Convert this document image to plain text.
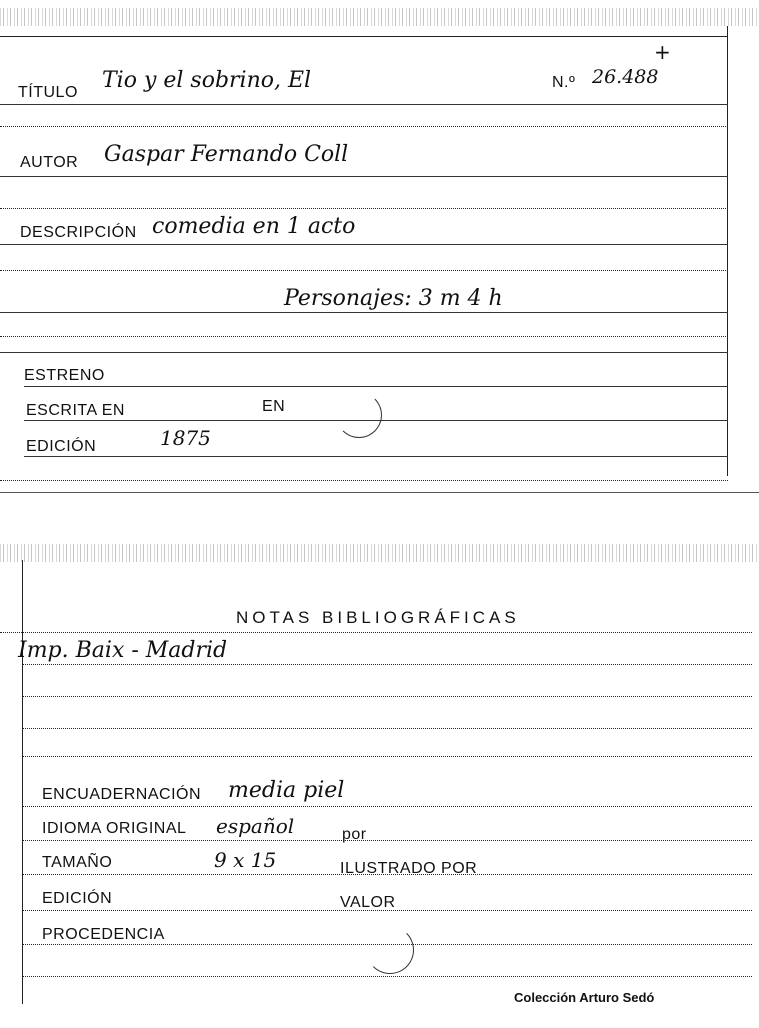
TÍTULO Tio y el sobrino, El	N.º 26.488
+
AUTOR Gaspar Fernando Coll
DESCRIPCIÓN comedia en 1 acto
Personajes: 3 m 4 h
ESTRENO
ESCRITA EN	EN
EDICIÓN	1875
NOTAS BIBLIOGRÁFICAS
Imp. Baix - Madrid
ENCUADERNACIÓN media piel
IDIOMA ORIGINAL español	por
TAMAÑO	9 x 15	ILUSTRADO POR
EDICIÓN	VALOR
PROCEDENCIA
Colección Arturo Sedó
